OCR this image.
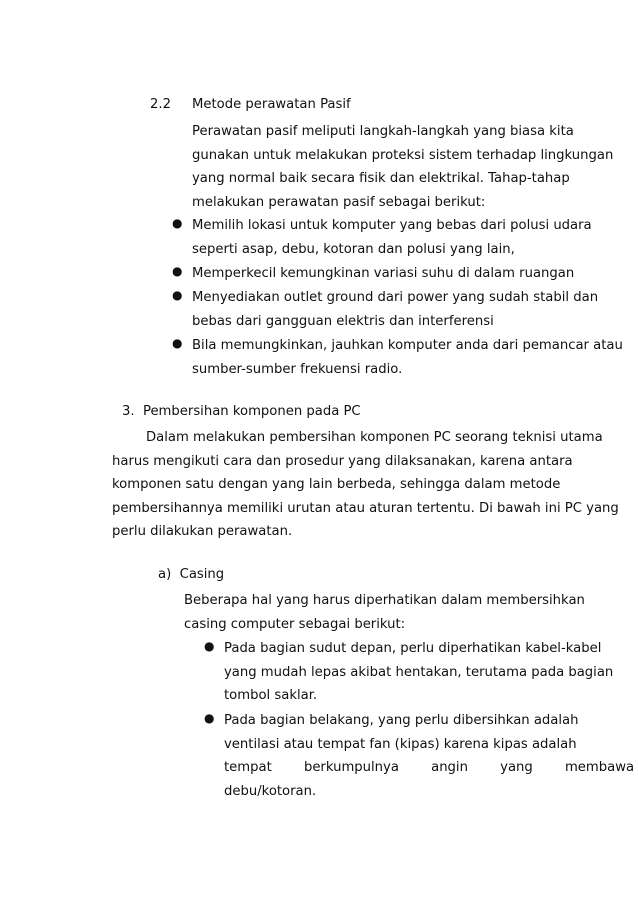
2.2 Metode perawatan Pasif
Perawatan pasif meliputi langkah-langkah yang biasa kita
gunakan untuk melakukan proteksi sistem terhadap lingkungan
yang normal baik secara fisik dan elektrikal. Tahap-tahap
melakukan perawatan pasif sebagai berikut:
● Memilih lokasi untuk komputer yang bebas dari polusi udara
seperti asap, debu, kotoran dan polusi yang lain,
● Memperkecil kemungkinan variasi suhu di dalam ruangan
● Menyediakan outlet ground dari power yang sudah stabil dan
bebas dari gangguan elektris dan interferensi
● Bila memungkinkan, jauhkan komputer anda dari pemancar atau
sumber-sumber frekuensi radio.
3.  Pembersihan komponen pada PC
Dalam melakukan pembersihan komponen PC seorang teknisi utama
harus mengikuti cara dan prosedur yang dilaksanakan, karena antara
komponen satu dengan yang lain berbeda, sehingga dalam metode
pembersihannya memiliki urutan atau aturan tertentu. Di bawah ini PC yang
perlu dilakukan perawatan.
a)  Casing
Beberapa hal yang harus diperhatikan dalam membersihkan
casing computer sebagai berikut:
● Pada bagian sudut depan, perlu diperhatikan kabel-kabel
yang mudah lepas akibat hentakan, terutama pada bagian
tombol saklar.
● Pada bagian belakang, yang perlu dibersihkan adalah
ventilasi atau tempat fan (kipas) karena kipas adalah
tempat berkumpulnya angin yang membawa
debu/kotoran.
